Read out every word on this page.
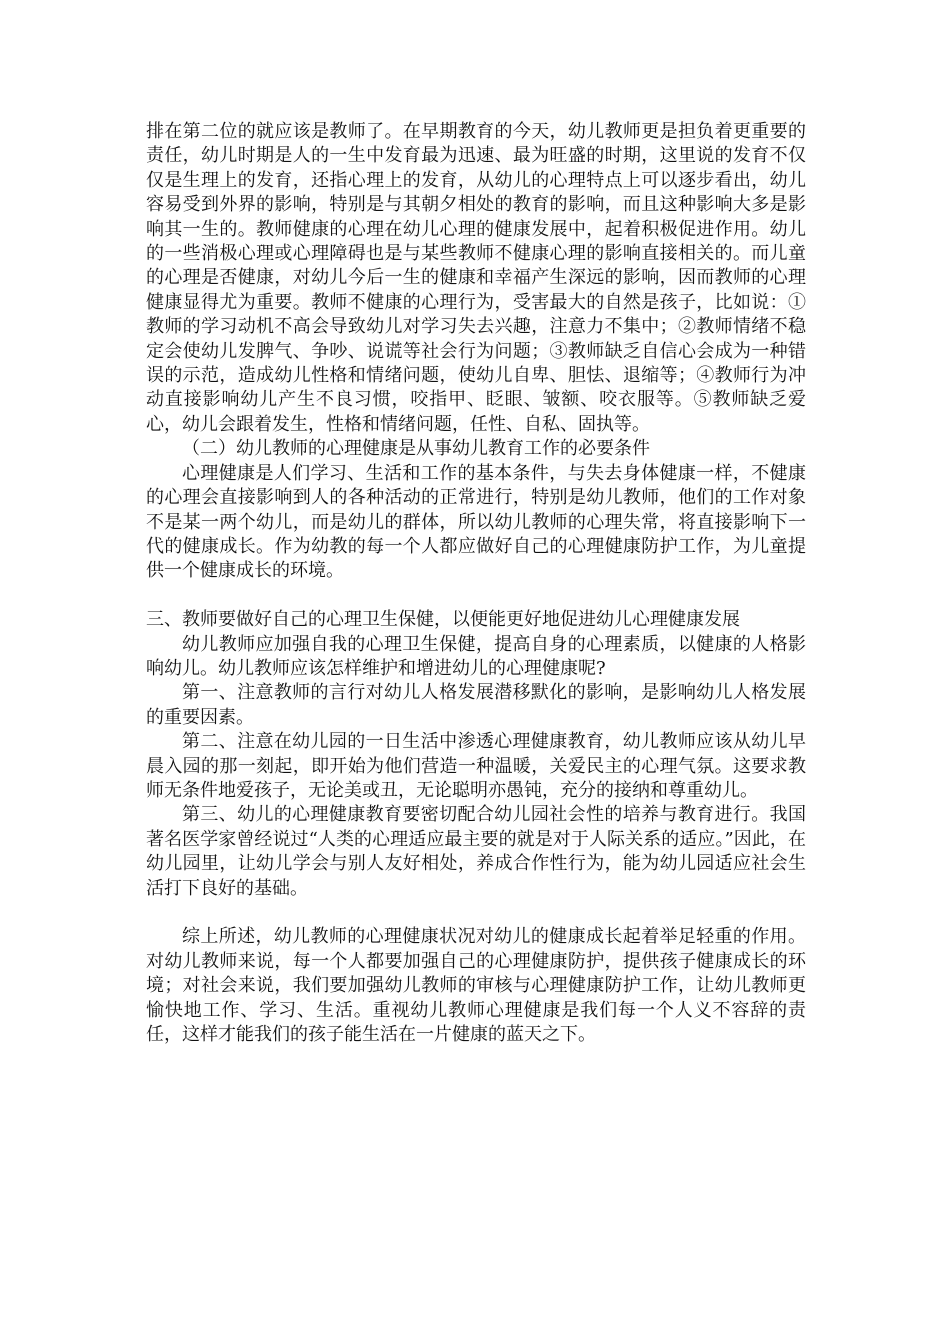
排在第二位的就应该是教师了。在早期教育的今天，幼儿教师更是担负着更重要的责任，幼儿时期是人的一生中发育最为迅速、最为旺盛的时期，这里说的发育不仅仅是生理上的发育，还指心理上的发育，从幼儿的心理特点上可以逐步看出，幼儿容易受到外界的影响，特别是与其朝夕相处的教育的影响，而且这种影响大多是影响其一生的。教师健康的心理在幼儿心理的健康发展中，起着积极促进作用。幼儿的一些消极心理或心理障碍也是与某些教师不健康心理的影响直接相关的。而儿童的心理是否健康，对幼儿今后一生的健康和幸福产生深远的影响，因而教师的心理健康显得尤为重要。教师不健康的心理行为，受害最大的自然是孩子，比如说：①教师的学习动机不高会导致幼儿对学习失去兴趣，注意力不集中；②教师情绪不稳定会使幼儿发脾气、争吵、说谎等社会行为问题；③教师缺乏自信心会成为一种错误的示范，造成幼儿性格和情绪问题，使幼儿自卑、胆怯、退缩等；④教师行为冲动直接影响幼儿产生不良习惯，咬指甲、眨眼、皱额、咬衣服等。⑤教师缺乏爱心，幼儿会跟着发生，性格和情绪问题，任性、自私、固执等。

（二）幼儿教师的心理健康是从事幼儿教育工作的必要条件

心理健康是人们学习、生活和工作的基本条件，与失去身体健康一样，不健康的心理会直接影响到人的各种活动的正常进行，特别是幼儿教师，他们的工作对象不是某一两个幼儿，而是幼儿的群体，所以幼儿教师的心理失常，将直接影响下一代的健康成长。作为幼教的每一个人都应做好自己的心理健康防护工作，为儿童提供一个健康成长的环境。

三、教师要做好自己的心理卫生保健，以便能更好地促进幼儿心理健康发展

幼儿教师应加强自我的心理卫生保健，提高自身的心理素质，以健康的人格影响幼儿。幼儿教师应该怎样维护和增进幼儿的心理健康呢?

第一、注意教师的言行对幼儿人格发展潜移默化的影响，是影响幼儿人格发展的重要因素。

第二、注意在幼儿园的一日生活中渗透心理健康教育，幼儿教师应该从幼儿早晨入园的那一刻起，即开始为他们营造一种温暖，关爱民主的心理气氛。这要求教师无条件地爱孩子，无论美或丑，无论聪明亦愚钝，充分的接纳和尊重幼儿。

第三、幼儿的心理健康教育要密切配合幼儿园社会性的培养与教育进行。我国著名医学家曾经说过“人类的心理适应最主要的就是对于人际关系的适应。”因此，在幼儿园里，让幼儿学会与别人友好相处，养成合作性行为，能为幼儿园适应社会生活打下良好的基础。

综上所述，幼儿教师的心理健康状况对幼儿的健康成长起着举足轻重的作用。对幼儿教师来说，每一个人都要加强自己的心理健康防护，提供孩子健康成长的环境；对社会来说，我们要加强幼儿教师的审核与心理健康防护工作，让幼儿教师更愉快地工作、学习、生活。重视幼儿教师心理健康是我们每一个人义不容辞的责任，这样才能我们的孩子能生活在一片健康的蓝天之下。
